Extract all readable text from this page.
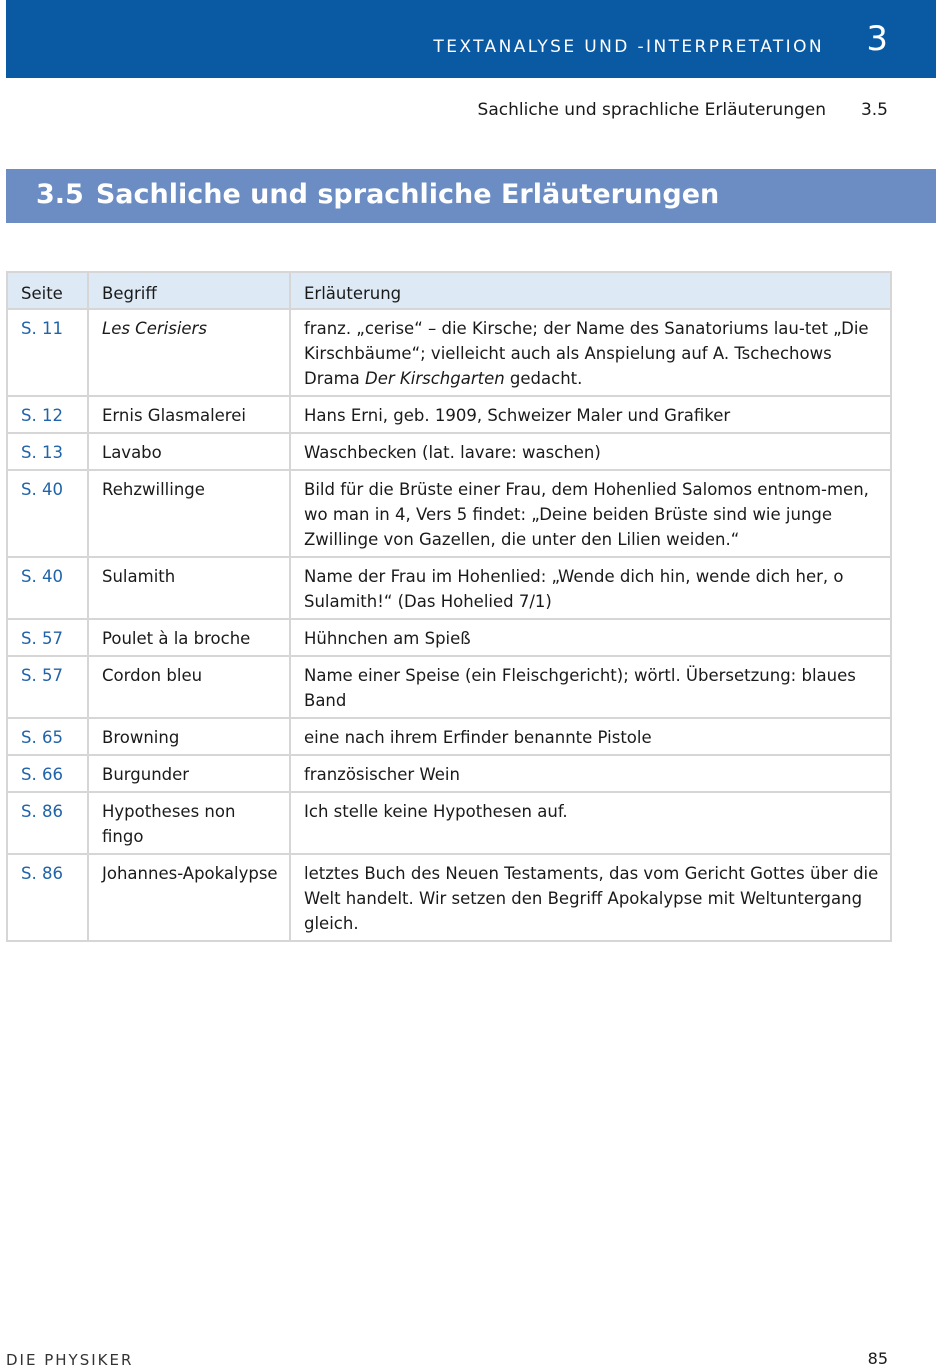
TEXTANALYSE UND -INTERPRETATION 3
Sachliche und sprachliche Erläuterungen 3.5
3.5 Sachliche und sprachliche Erläuterungen
Seite	Begriff	Erläuterung
S. 11	Les Cerisiers	franz. „cerise“ – die Kirsche; der Name des Sanatoriums lau-tet „Die Kirschbäume“; vielleicht auch als Anspielung auf A. Tschechows Drama Der Kirschgarten gedacht.
S. 12	Ernis Glasmalerei	Hans Erni, geb. 1909, Schweizer Maler und Grafiker
S. 13	Lavabo	Waschbecken (lat. lavare: waschen)
S. 40	Rehzwillinge	Bild für die Brüste einer Frau, dem Hohenlied Salomos entnom-men, wo man in 4, Vers 5 findet: „Deine beiden Brüste sind wie junge Zwillinge von Gazellen, die unter den Lilien weiden.“
S. 40	Sulamith	Name der Frau im Hohenlied: „Wende dich hin, wende dich her, o Sulamith!“ (Das Hohelied 7/1)
S. 57	Poulet à la broche	Hühnchen am Spieß
S. 57	Cordon bleu	Name einer Speise (ein Fleischgericht); wörtl. Übersetzung: blaues Band
S. 65	Browning	eine nach ihrem Erfinder benannte Pistole
S. 66	Burgunder	französischer Wein
S. 86	Hypotheses non fingo	Ich stelle keine Hypothesen auf.
S. 86	Johannes-Apokalypse	letztes Buch des Neuen Testaments, das vom Gericht Gottes über die Welt handelt. Wir setzen den Begriff Apokalypse mit Weltuntergang gleich.
DIE PHYSIKER	85
